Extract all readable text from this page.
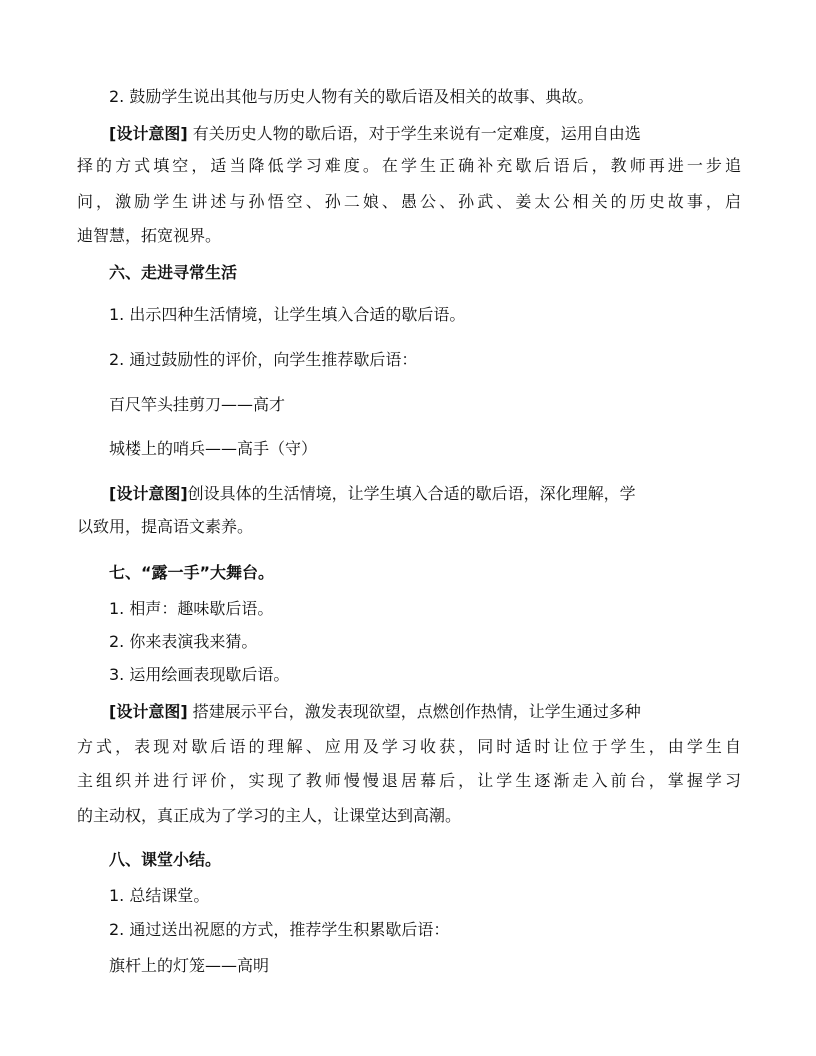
2. 鼓励学生说出其他与历史人物有关的歇后语及相关的故事、典故。
[设计意图] 有关历史人物的歇后语，对于学生来说有一定难度，运用自由选
择的方式填空，适当降低学习难度。在学生正确补充歇后语后，教师再进一步追
问，激励学生讲述与孙悟空、孙二娘、愚公、孙武、姜太公相关的历史故事，启
迪智慧，拓宽视界。
六、走进寻常生活
1. 出示四种生活情境，让学生填入合适的歇后语。
2. 通过鼓励性的评价，向学生推荐歇后语：
百尺竿头挂剪刀——高才
城楼上的哨兵——高手（守）
[设计意图]创设具体的生活情境，让学生填入合适的歇后语，深化理解，学
以致用，提高语文素养。
七、“露一手”大舞台。
1. 相声：趣味歇后语。
2. 你来表演我来猜。
3. 运用绘画表现歇后语。
[设计意图] 搭建展示平台，激发表现欲望，点燃创作热情，让学生通过多种
方式，表现对歇后语的理解、应用及学习收获，同时适时让位于学生，由学生自
主组织并进行评价，实现了教师慢慢退居幕后，让学生逐渐走入前台，掌握学习
的主动权，真正成为了学习的主人，让课堂达到高潮。
八、课堂小结。
1. 总结课堂。
2. 通过送出祝愿的方式，推荐学生积累歇后语：
旗杆上的灯笼——高明
